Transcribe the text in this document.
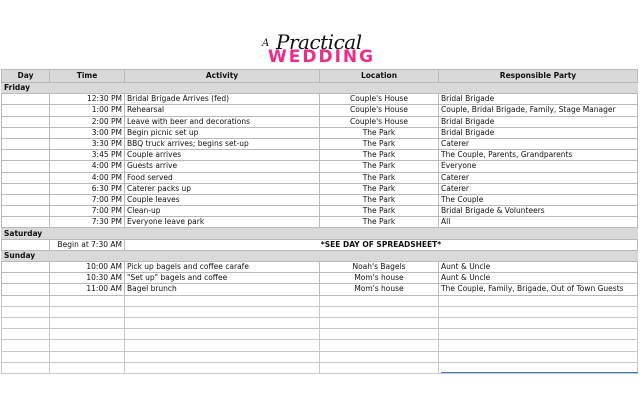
A Practical
WEDDING
Day	Time	Activity	Location	Responsible Party
Friday				
	12:30 PM	Bridal Brigade Arrives (fed)	Couple's House	Bridal Brigade
	1:00 PM	Rehearsal	Couple's House	Couple, Bridal Brigade, Family, Stage Manager
	2:00 PM	Leave with beer and decorations	Couple's House	Bridal Brigade
	3:00 PM	Begin picnic set up	The Park	Bridal Brigade
	3:30 PM	BBQ truck arrives; begins set-up	The Park	Caterer
	3:45 PM	Couple arrives	The Park	The Couple, Parents, Grandparents
	4:00 PM	Guests arrive	The Park	Everyone
	4:00 PM	Food served	The Park	Caterer
	6:30 PM	Caterer packs up	The Park	Caterer
	7:00 PM	Couple leaves	The Park	The Couple
	7:00 PM	Clean-up	The Park	Bridal Brigade & Volunteers
	7:30 PM	Everyone leave park	The Park	All
Saturday				
	Begin at 7:30 AM	*SEE DAY OF SPREADSHEET*		
Sunday				
	10:00 AM	Pick up bagels and coffee carafe	Noah's Bagels	Aunt & Uncle
	10:30 AM	"Set up" bagels and coffee	Mom's house	Aunt & Uncle
	11:00 AM	Bagel brunch	Mom's house	The Couple, Family, Brigade, Out of Town Guests
